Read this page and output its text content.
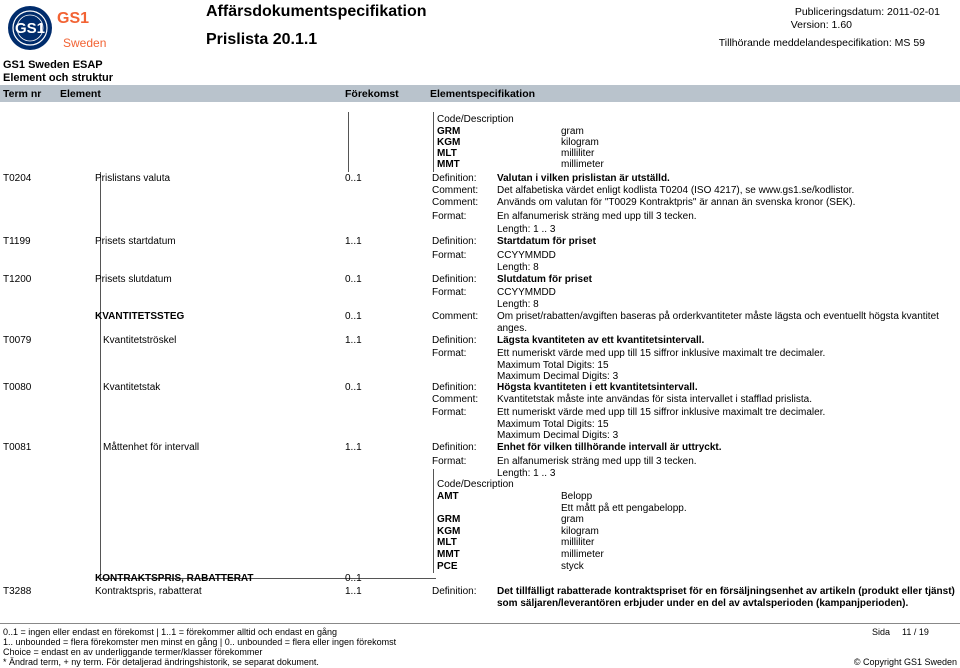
GS1
GS1
Sweden
Affärsdokumentspecifikation
Prislista 20.1.1
Publiceringsdatum: 2011-02-01
Version: 1.60
Tillhörande meddelandespecifikation: MS 59
GS1 Sweden ESAP
Element och struktur
Term nr Element	Förekomst	Elementspecifikation
Code/Description
GRM	gram
KGM	kilogram
MLT	milliliter
MMT	millimeter
T0204	Prislistans valuta	0..1	Definition: Valutan i vilken prislistan är utställd.
Comment: Det alfabetiska värdet enligt kodlista T0204 (ISO 4217), se www.gs1.se/kodlistor.
Comment: Används om valutan för "T0029 Kontraktpris" är annan än svenska kronor (SEK).
Format:	En alfanumerisk sträng med upp till 3 tecken.
Length: 1 .. 3
T1199	Prisets startdatum	1..1	Definition: Startdatum för priset
Format:	CCYYMMDD
Length: 8
T1200	Prisets slutdatum	0..1	Definition: Slutdatum för priset
Format:	CCYYMMDD
Length: 8
KVANTITETSSTEG	0..1	Comment: Om priset/rabatten/avgiften baseras på orderkvantiteter måste lägsta och eventuellt högsta kvantitet
anges.
T0079	Kvantitetströskel	1..1	Definition: Lägsta kvantiteten av ett kvantitetsintervall.
Format:	Ett numeriskt värde med upp till 15 siffror inklusive maximalt tre decimaler.
Maximum Total Digits: 15
Maximum Decimal Digits: 3
T0080	Kvantitetstak	0..1	Definition: Högsta kvantiteten i ett kvantitetsintervall.
Comment: Kvantitetstak måste inte användas för sista intervallet i stafflad prislista.
Format:	Ett numeriskt värde med upp till 15 siffror inklusive maximalt tre decimaler.
Maximum Total Digits: 15
Maximum Decimal Digits: 3
T0081	Måttenhet för intervall	1..1	Definition: Enhet för vilken tillhörande intervall är uttryckt.
Format:	En alfanumerisk sträng med upp till 3 tecken.
Length: 1 .. 3
Code/Description
AMT	Belopp
Ett mått på ett pengabelopp.
GRM	gram
KGM	kilogram
MLT	milliliter
MMT	millimeter
PCE	styck
KONTRAKTSPRIS, RABATTERAT	0..1
T3288	Kontraktspris, rabatterat	1..1	Definition: Det tillfälligt rabatterade kontraktspriset för en försäljningsenhet av artikeln (produkt eller tjänst)
som säljaren/leverantören erbjuder under en del av avtalsperioden (kampanjperioden).
0..1 = ingen eller endast en förekomst | 1..1 = förekommer alltid och endast en gång
1.. unbounded = flera förekomster men minst en gång | 0.. unbounded = flera eller ingen förekomst
Choice = endast en av underliggande termer/klasser förekommer
* Ändrad term, + ny term. För detaljerad ändringshistorik, se separat dokument.
Sida 11 / 19
© Copyright GS1 Sweden
